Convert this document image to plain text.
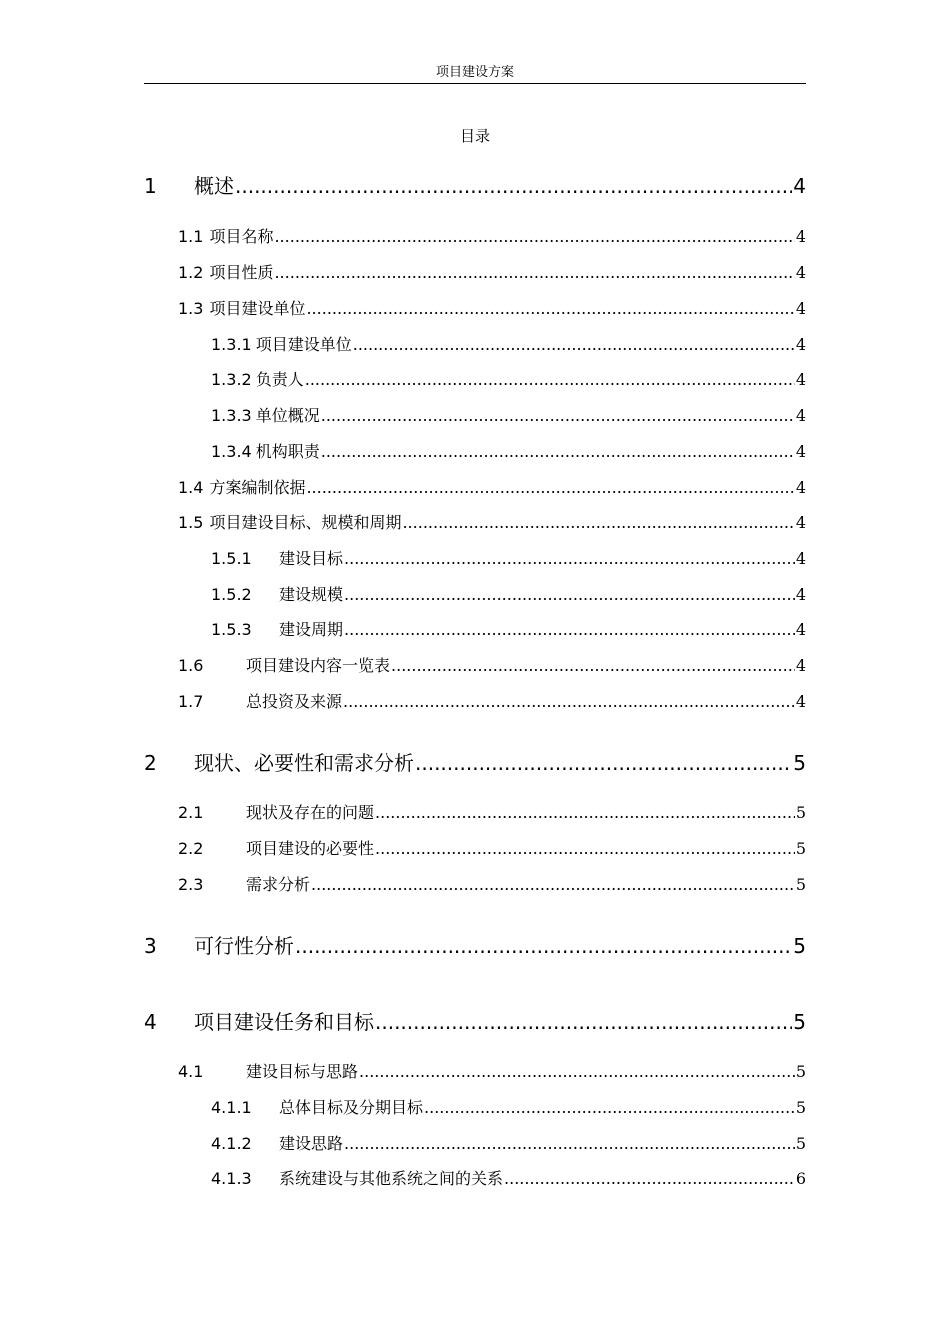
项目建设方案
目录
1	概述 .....	4
1.1 项目名称 .....	4
1.2 项目性质 .....	4
1.3 项目建设单位 .....	4
1.3.1 项目建设单位 .....	4
1.3.2 负责人 .....	4
1.3.3 单位概况 .....	4
1.3.4 机构职责 .....	4
1.4 方案编制依据 .....	4
1.5 项目建设目标、规模和周期 .....	4
1.5.1	建设目标 .....	4
1.5.2	建设规模 .....	4
1.5.3	建设周期 .....	4
1.6	项目建设内容一览表 .....	4
1.7	总投资及来源 .....	4
2	现状、必要性和需求分析 .....	5
2.1	现状及存在的问题 .....	5
2.2	项目建设的必要性 .....	5
2.3	需求分析 .....	5
3	可行性分析 .....	5
4	项目建设任务和目标 .....	5
4.1	建设目标与思路 .....	5
4.1.1	总体目标及分期目标 .....	5
4.1.2	建设思路 .....	5
4.1.3	系统建设与其他系统之间的关系 .....	6
